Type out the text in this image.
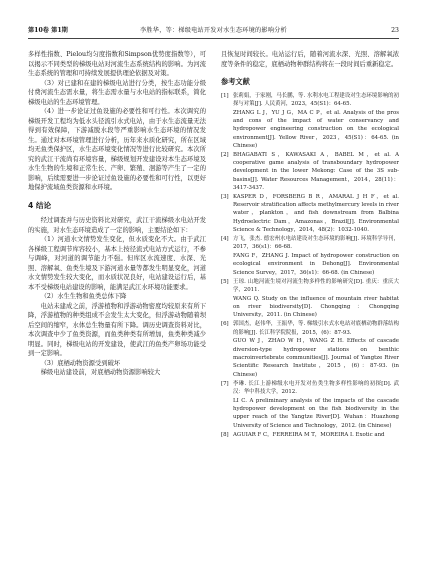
第10卷 第1期	李胜华，等：梯级电站开发对水生态环境的影响分析	23

多样性指数、Pielou均匀度指数和Simpson优势度指数等），可以揭示不同类型的梯级电站对河流生态系统结构的影响。为河流生态系统的管理和可持续发展提供理论依据及对策。

（3）对已建和在建的梯级电站进行分类，按生态功能分级付费河流生态需水量，将生态需水量与水电站的指标联系，简化梯级电站的生态环境管理。

（4）进一步论证过鱼设施的必要性和可行性。本次调究的梯级开发工程均为低水头径流引水式电站，由于水生态流量无法得到有效保障，下游减脱水段等严重影响水生态环境的情况发生。通过对本环境管理进行分析，历年来水质化研究，所在区域均无鱼类保护区，水生态环境变化情况等进行比较研究。本次所究的武江干流尚有环境容量，梯级规划开发建设对本生态环境及水生生物的生境和正常生长、产卵、繁殖、洄游等产生了一定的影响，后续需要进一步论证过鱼设施的必要性和可行性，以更好地保护流域鱼类资源和水环境。

4 结论

经过调查并与历史资料比对研究，武江干流梯级水电站开发的实施，对水生态环境造成了一定的影响，主要结论如下：

（1）河道水文情势发生变化，但水质变化不大。由于武江各梯级工程调节库容较小，基本上按径流式电站方式运行，不参与调峰，对河道的调节能力不强。但库区水流速度、水深、光照、溶解氧、鱼类生境及下游河道水量等都发生明显变化，河道水文情势发生较大变化，而水质状况良好，电站建设运行后，基本不受梯级电站建设的影响，能满足武江水环境功能要求。

（2）水生生物和鱼类总体下降

电站未建成之前，浮游植物和浮游动物密度均较原来有所下降，浮游植物的种类组成不会发生太大变化，但浮游动物随着坝后空间的缩窄，水体总生物量有所下降。调历史调查资料对比，本次调查中少了鱼类资源，而鱼类种类有所增加，鱼类种类减少明显。同时，梯级电站的开发建设，使武江的鱼类产卵场功能受到一定影响。

（3）底栖动物资源受到破坏

梯级电站建设前，对底栖动物资源影响较大

且恢复时间较长。电站运行后，随着河流水深、光照、溶解氧浓度等条件的稳定，底栖动物种群结构将在一段时间后重新稳定。

参考文献
[1] 张莉娟，于家刚，马长鹏，等. 水利水电工程建设对生态环境影响的初探与对策[J]. 人民黄河，2023，45(S1)：64-65.
ZHANG L J，YU J G，MA C P，et al. Analysis of the pros and cons of the impact of water conservancy and hydropower engineering construction on the ecological environment[J]. Yellow River，2023，45(S1)：64-65. (in Chinese)
[2] BHAGABATI S，KAWASAKI A，BABEL M，et al. A cooperative game analysis of transboundary hydropower development in the lower Mekong: Case of the 3S sub-basins[J]. Water Resources Management，2014，28(11)：3417-3437.
[3] KASPER D，FORSBERG B R，AMARAL J H F，et al. Reservoir stratification affects methylmercury levels in river water，plankton，and fish downstream from Balbina Hydroelectric Dam，Amazonas，Brazil[J]. Environmental Science & Technology，2014，48(2)：1032-1040.
[4] 方飞，张杰. 德宏州水电站建设对生态环境的影响[J]. 环境科学导刊，2017，36(s1)：66-68.
FANG F，ZHANG J. Impact of hydropower construction on ecological environment in Dehong[J]. Environmental Science Survey，2017，36(s1)：66-68. (in Chinese)
[5] 王琼. 山地河流生境对河流生物多样性的影响研究[D]. 重庆：重庆大学，2011.
WANG Q. Study on the influence of mountain river habitat on river biodiversity[D]. Chongqing：Chongqing University，2011. (in Chinese)
[6] 郭国杰，赵伟华，王振华，等. 梯级引水式水电站对底栖动物群落结构的影响[J]. 长江科学院院报，2015，(6)：87-93.
GUO W J，ZHAO W H，WANG Z H. Effects of cascade diversion-type hydropower stations on benthic macroinvertebrate communities[J]. Journal of Yangtze River Scientific Research Institute，2015，(6)：87-93. (in Chinese)
[7] 李琳. 长江上游梯级水电开发对鱼类生物多样性影响的初探[D]. 武汉：华中科技大学，2012.
LI C. A preliminary analysis of the impacts of the cascade hydropower development on the fish biodiversity in the upper reach of the Yangtze River[D]. Wuhan：Huazhong University of Science and Technology，2012. (in Chinese)
[8] AGUIAR F C，FERREIRA M T，MOREIRA I. Exotic and
